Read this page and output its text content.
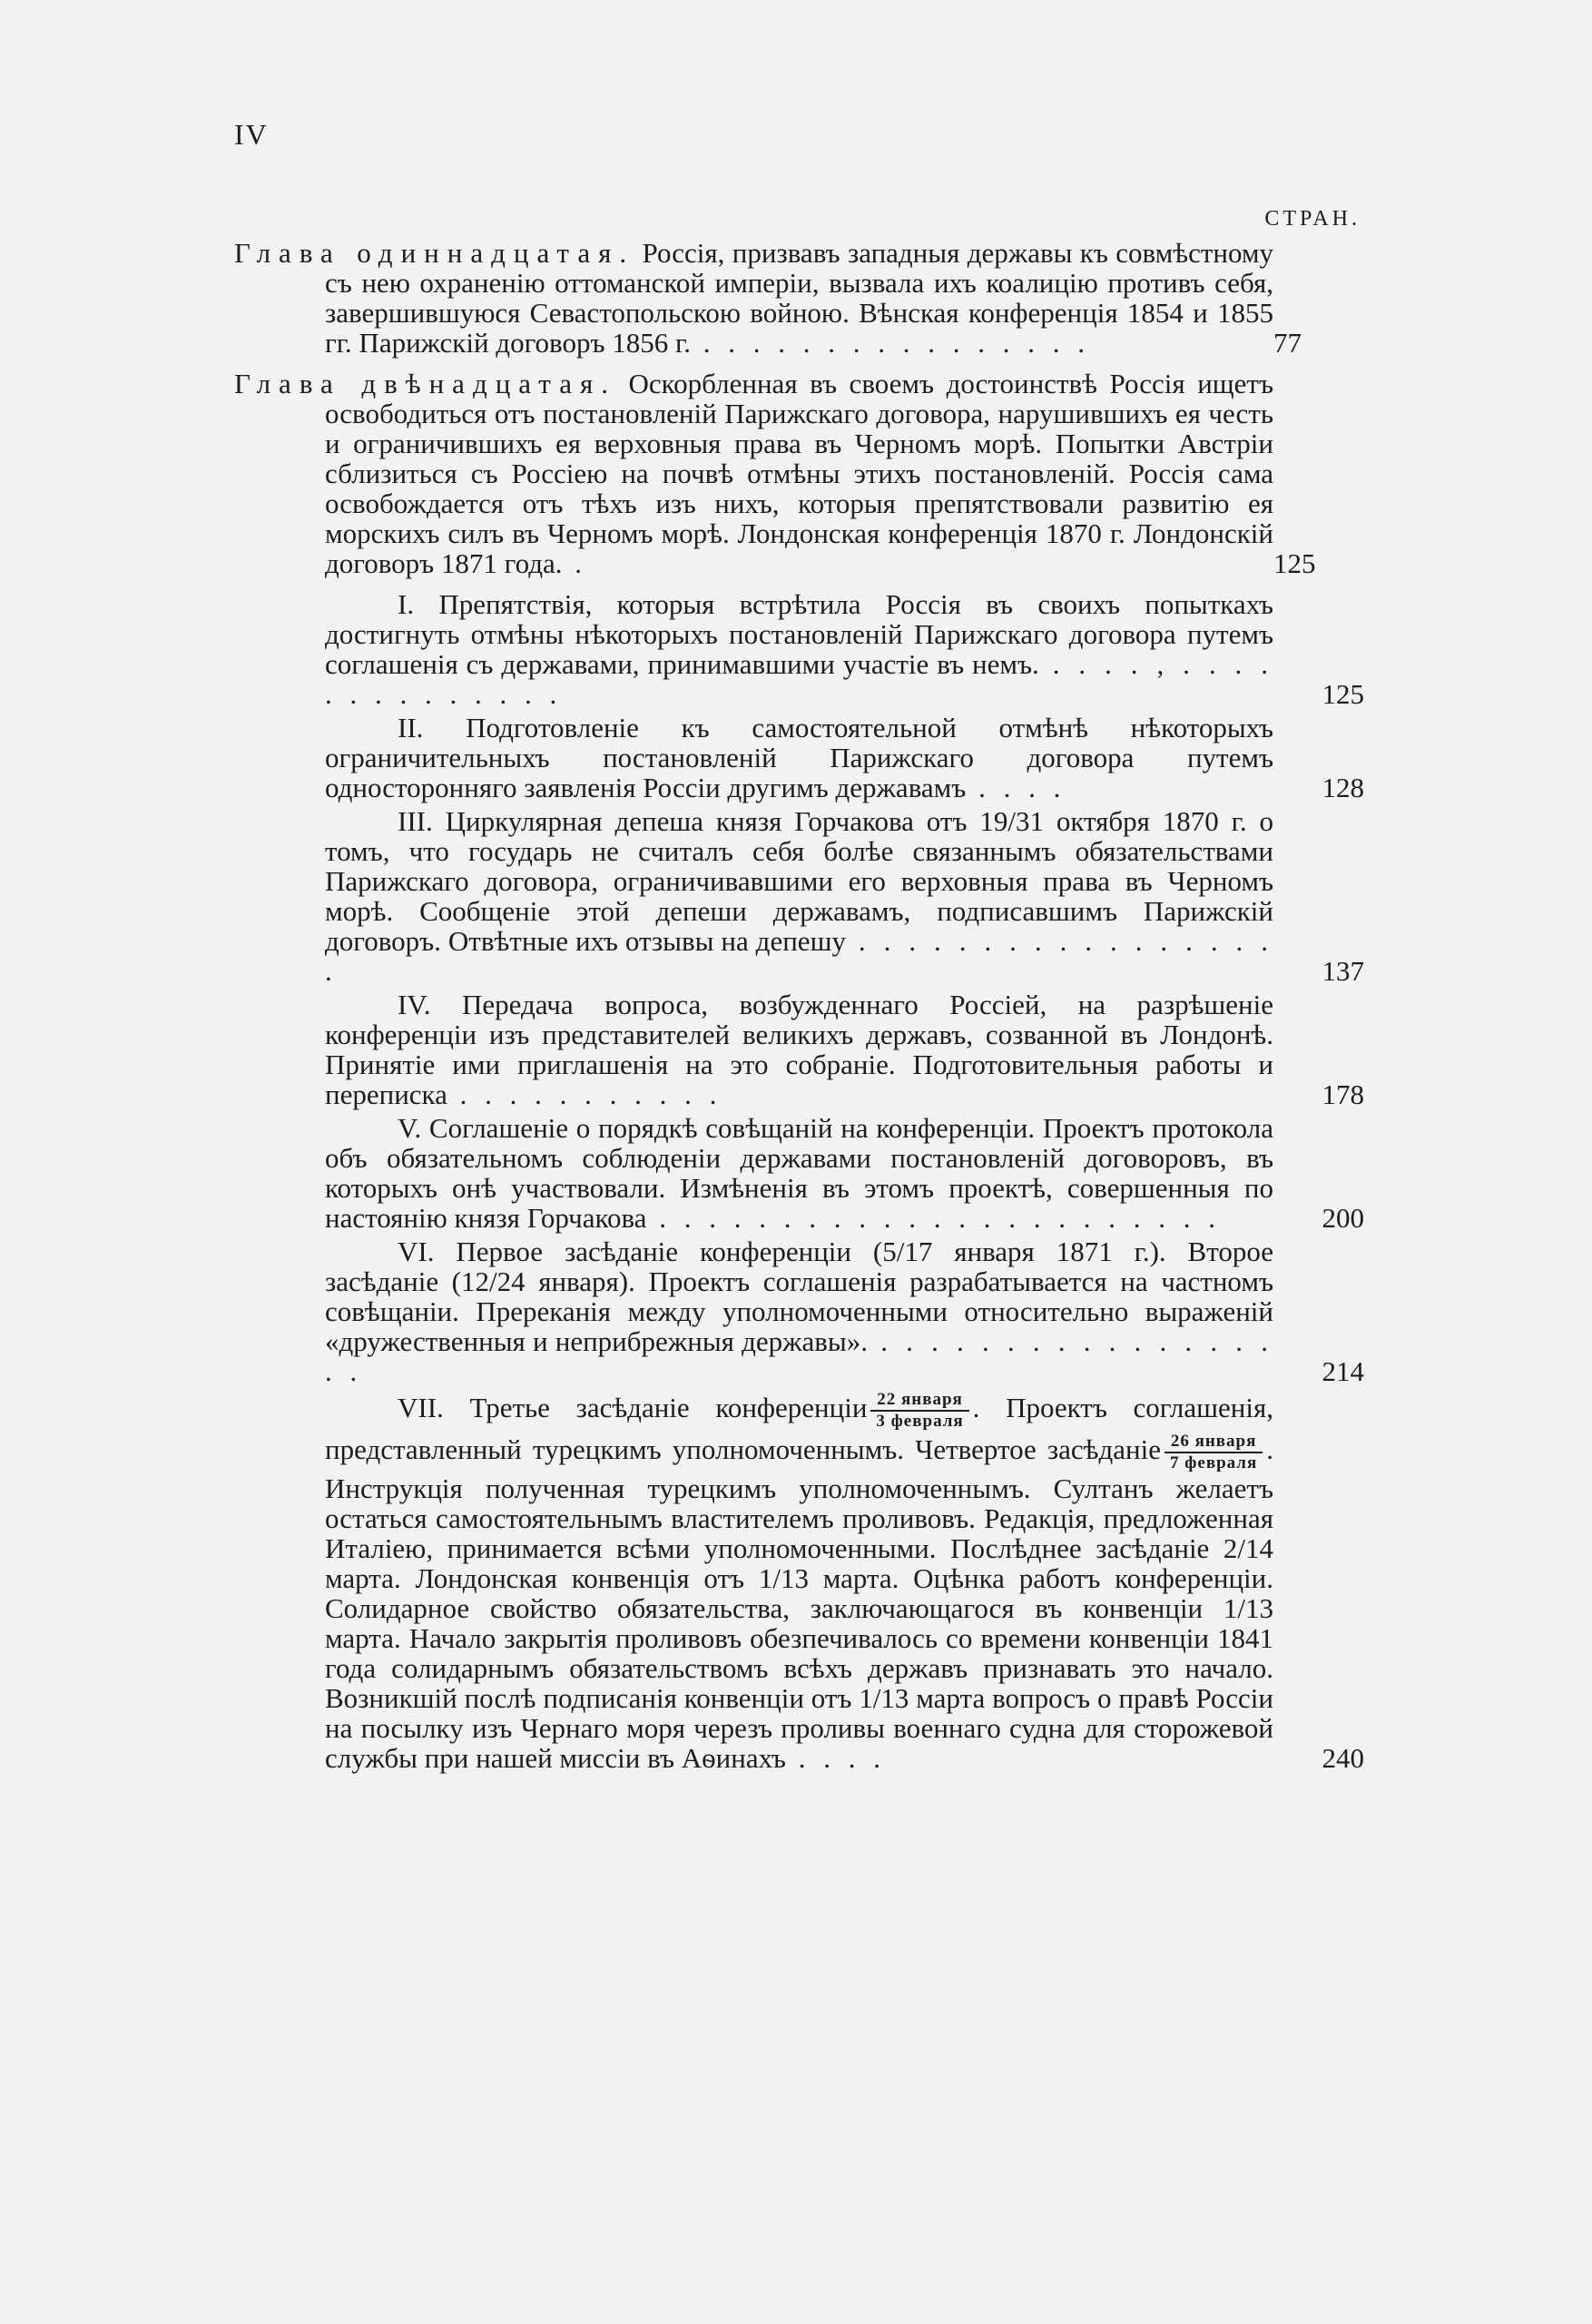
IV
СТРАН.
Глава одиннадцатая. Россія, призвавъ западныя державы къ совмѣстному съ нею охраненію оттоманской имперіи, вызвала ихъ коалицію противъ себя, завершившуюся Севастопольскою войною. Вѣнская конференція 1854 и 1855 гг. Парижскій договоръ 1856 г. . . . . . . . . . . . . . . . .	77
Глава двѣнадцатая. Оскорбленная въ своемъ достоинствѣ Россія ищетъ освободиться отъ постановленій Парижскаго договора, нарушившихъ ея честь и ограничившихъ ея верховныя права въ Черномъ морѣ. Попытки Австріи сблизиться съ Россіею на почвѣ отмѣны этихъ постановленій. Россія сама освобождается отъ тѣхъ изъ нихъ, которыя препятствовали развитію ея морскихъ силъ въ Черномъ морѣ. Лондонская конференція 1870 г. Лондонскій договоръ 1871 года. .	125
I. Препятствія, которыя встрѣтила Россія въ своихъ попыткахъ достигнуть отмѣны нѣкоторыхъ постановленій Парижскаго договора путемъ соглашенія съ державами, принимавшими участіе въ немъ. . . . . , . . . . . . . . . . . . . .	125
II. Подготовленіе къ самостоятельной отмѣнѣ нѣкоторыхъ ограничительныхъ постановленій Парижскаго договора путемъ односторонняго заявленія Россіи другимъ державамъ . . . .	128
III. Циркулярная депеша князя Горчакова отъ 19/31 октября 1870 г. о томъ, что государь не считалъ себя болѣе связаннымъ обязательствами Парижскаго договора, ограничивавшими его верховныя права въ Черномъ морѣ. Сообщеніе этой депеши державамъ, подписавшимъ Парижскій договоръ. Отвѣтные ихъ отзывы на депешу . . . . . . . . . . . . . . . . . .	137
IV. Передача вопроса, возбужденнаго Россіей, на разрѣшеніе конференціи изъ представителей великихъ державъ, созванной въ Лондонѣ. Принятіе ими приглашенія на это собраніе. Подготовительныя работы и переписка . . . . . . . . . . .	178
V. Соглашеніе о порядкѣ совѣщаній на конференціи. Проектъ протокола объ обязательномъ соблюденіи державами постановленій договоровъ, въ которыхъ онѣ участвовали. Измѣненія въ этомъ проектѣ, совершенныя по настоянію князя Горчакова . . . . . . . . . . . . . . . . . . . . . . .	200
VI. Первое засѣданіе конференціи (5/17 января 1871 г.). Второе засѣданіе (12/24 января). Проектъ соглашенія разрабатывается на частномъ совѣщаніи. Пререканія между уполномоченными относительно выраженій «дружественныя и неприбрежныя державы». . . . . . . . . . . . . . . . . . .	214
VII. Третье засѣданіе конференціи $\frac{\text{22 января}}{\text{3 февраля}}$ . Проектъ соглашенія, представленный турецкимъ уполномоченнымъ. Четвертое засѣданіе $\frac{\text{26 января}}{\text{7 февраля}}$ . Инструкція полученная турецкимъ уполномоченнымъ. Султанъ желаетъ остаться самостоятельнымъ властителемъ проливовъ. Редакція, предложенная Италіею, принимается всѣми уполномоченными. Послѣднее засѣданіе 2/14 марта. Лондонская конвенція отъ 1/13 марта. Оцѣнка работъ конференціи. Солидарное свойство обязательства, заключающагося въ конвенціи 1/13 марта. Начало закрытія проливовъ обезпечивалось со времени конвенціи 1841 года солидарнымъ обязательствомъ всѣхъ державъ признавать это начало. Возникшій послѣ подписанія конвенціи отъ 1/13 марта вопросъ о правѣ Россіи на посылку изъ Чернаго моря черезъ проливы военнаго судна для сторожевой службы при нашей миссіи въ Аѳинахъ . . . .	240
